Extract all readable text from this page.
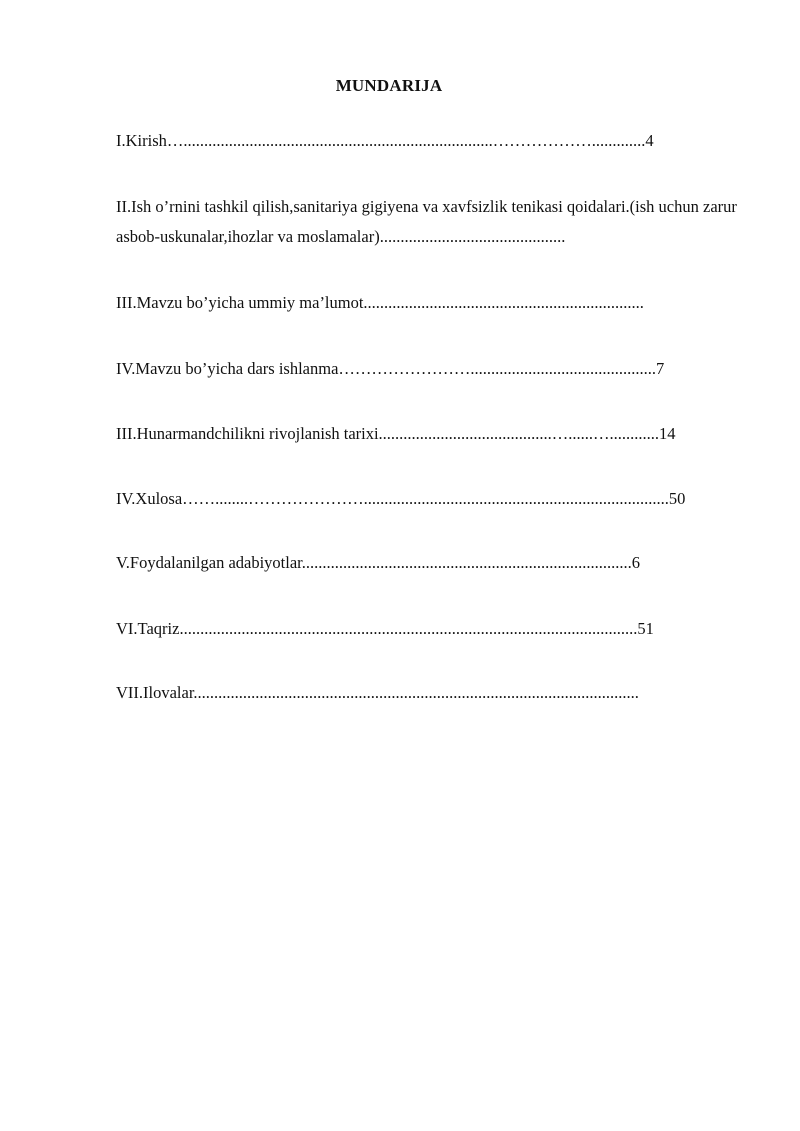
MUNDARIJA
I.Kirish…...........................................................................……………….............4
II.Ish o’rnini tashkil qilish,sanitariya gigiyena va xavfsizlik tenikasi qoidalari.(ish uchun zarur asbob-uskunalar,ihozlar va moslamalar).............................................
III.Mavzu bo’yicha ummiy ma’lumot....................................................................
IV.Mavzu bo’yicha dars ishlanma…………………….............................................7
III.Hunarmandchilikni rivojlanish tarixi..........................................…......…............14
IV.Xulosa……........…………………..........................................................................50
V.Foydalanilgan adabiyotlar................................................................................6
VI.Taqriz...............................................................................................................51
VII.Ilovalar............................................................................................................
